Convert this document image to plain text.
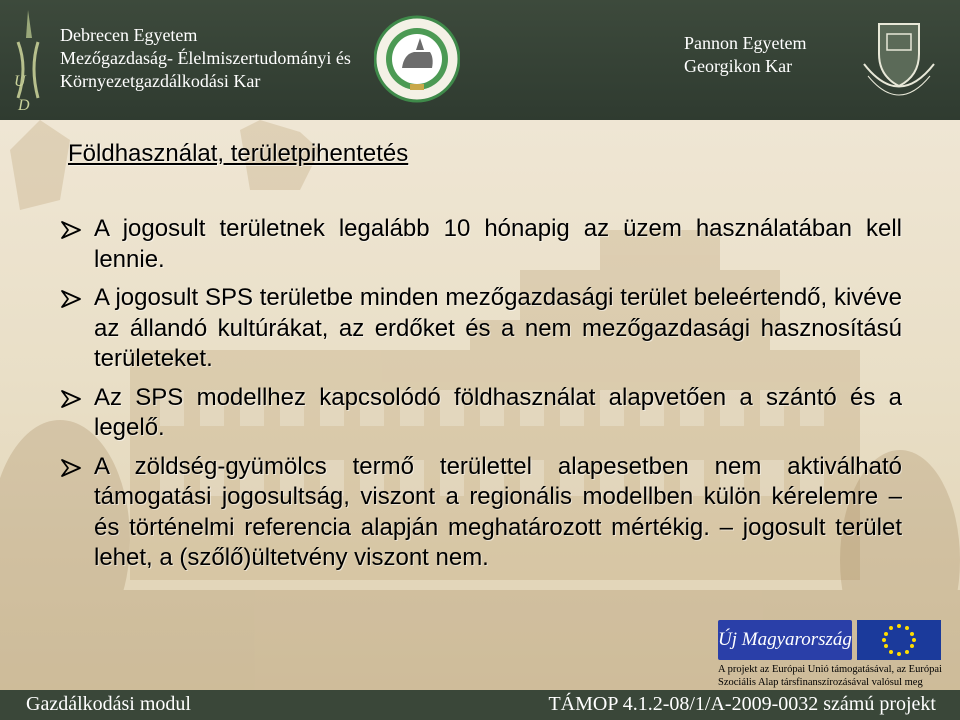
U
D
Debrecen Egyetem
Mezőgazdaság- Élelmiszertudományi és
Környezetgazdálkodási Kar
Pannon Egyetem
Georgikon Kar
Földhasználat, területpihentetés
A jogosult területnek legalább 10 hónapig az üzem használatában kell lennie.
A jogosult SPS területbe minden mezőgazdasági terület beleértendő, kivéve az állandó kultúrákat, az erdőket és a nem mezőgazdasági hasznosítású területeket.
Az SPS modellhez kapcsolódó földhasználat alapvetően a szántó és a legelő.
A zöldség-gyümölcs termő területtel alapesetben nem aktiválható támogatási jogosultság, viszont a regionális modellben külön kérelemre – és történelmi referencia alapján meghatározott mértékig. – jogosult terület lehet, a (szőlő)ültetvény viszont nem.
Új Magyarország
A projekt az Európai Unió támogatásával, az Európai Szociális Alap társfinanszírozásával valósul meg
Gazdálkodási modul	TÁMOP 4.1.2-08/1/A-2009-0032 számú projekt
